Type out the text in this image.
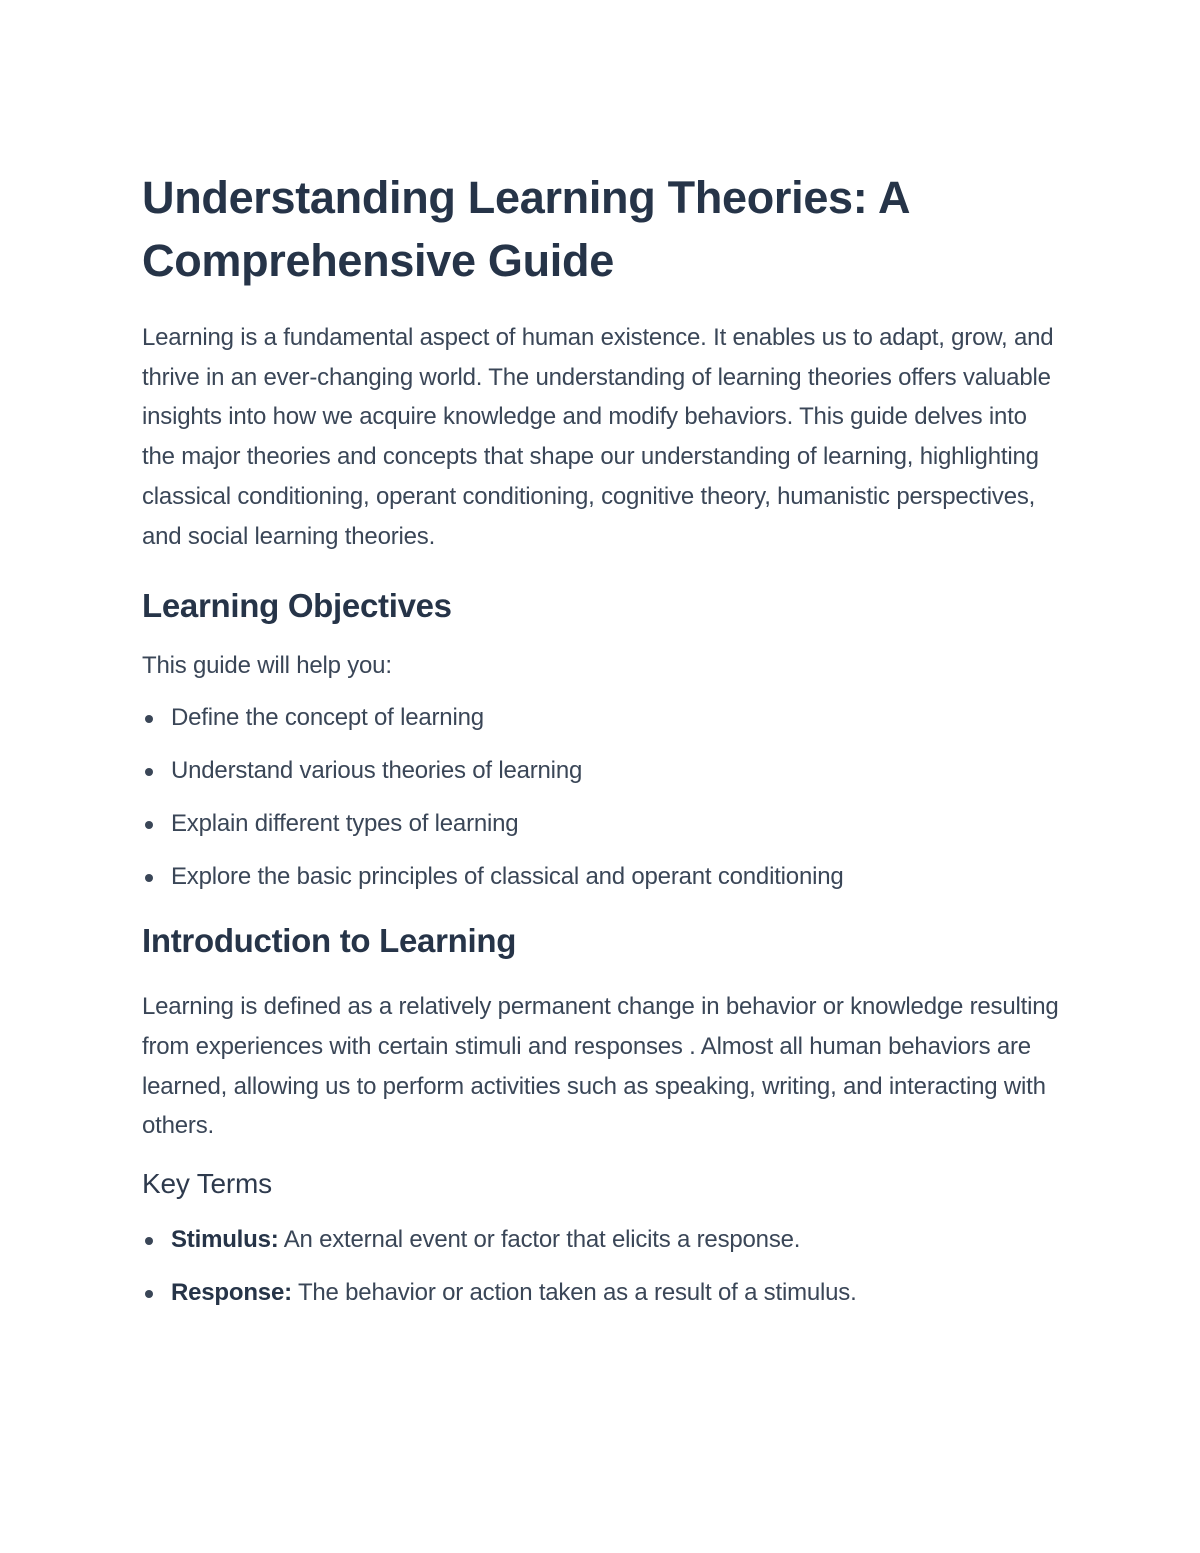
Understanding Learning Theories: A Comprehensive Guide

Learning is a fundamental aspect of human existence. It enables us to adapt, grow, and thrive in an ever-changing world. The understanding of learning theories offers valuable insights into how we acquire knowledge and modify behaviors. This guide delves into the major theories and concepts that shape our understanding of learning, highlighting classical conditioning, operant conditioning, cognitive theory, humanistic perspectives, and social learning theories.

Learning Objectives

This guide will help you:

Define the concept of learning
Understand various theories of learning
Explain different types of learning
Explore the basic principles of classical and operant conditioning
Introduction to Learning

Learning is defined as a relatively permanent change in behavior or knowledge resulting from experiences with certain stimuli and responses . Almost all human behaviors are learned, allowing us to perform activities such as speaking, writing, and interacting with others.

Key Terms
Stimulus: An external event or factor that elicits a response.
Response: The behavior or action taken as a result of a stimulus.
